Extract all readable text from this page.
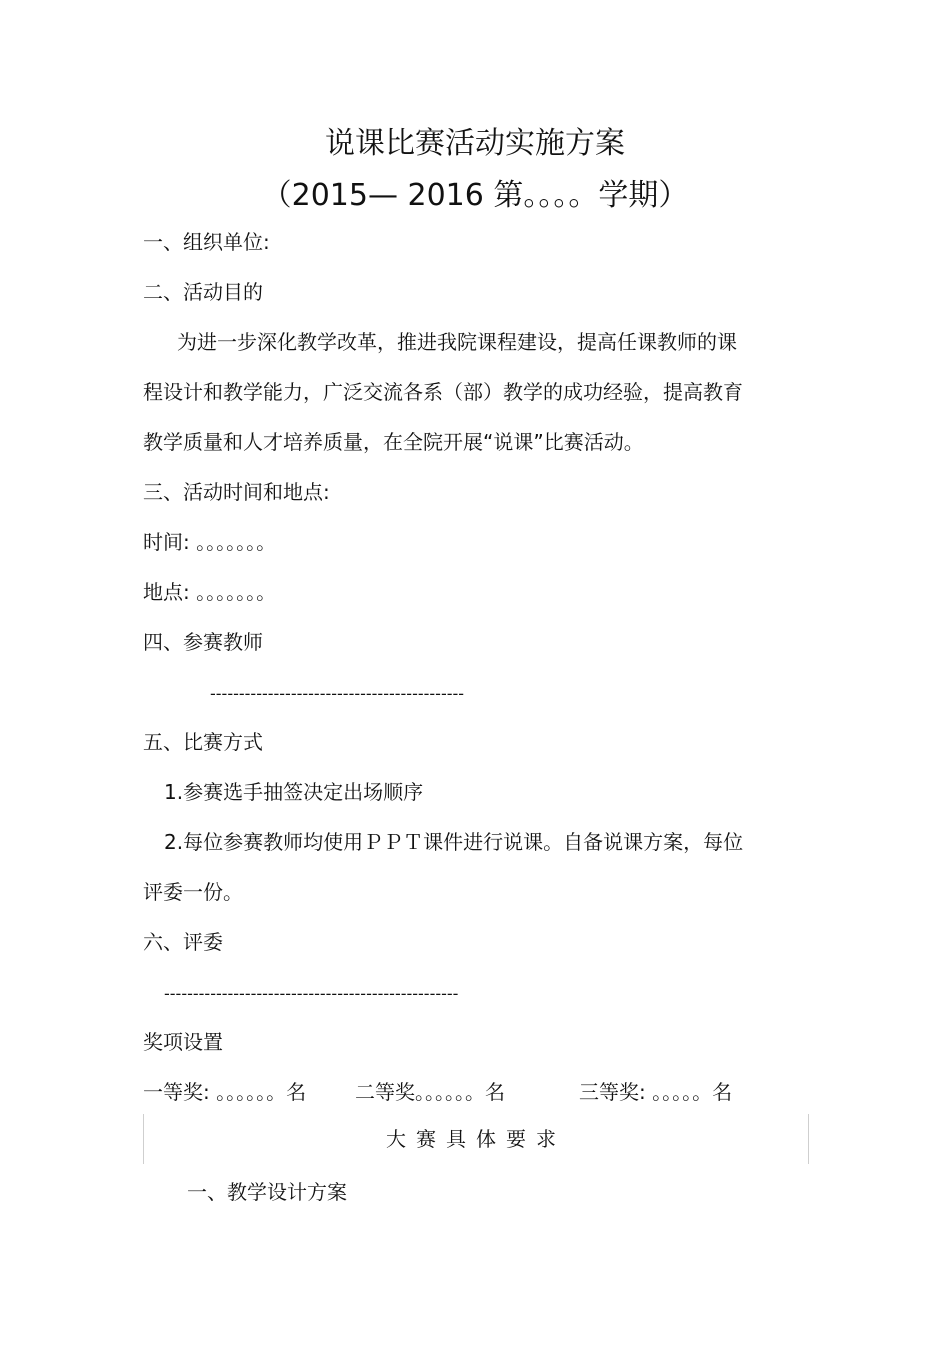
说课比赛活动实施方案
（2015— 2016 第。。。。学期）
一、组织单位:
二、活动目的
为进一步深化教学改革，推进我院课程建设，提高任课教师的课
程设计和教学能力，广泛交流各系（部）教学的成功经验，提高教育
教学质量和人才培养质量，在全院开展“说课”比赛活动。
三、活动时间和地点:
时间: 。。。。。。。
地点: 。。。。。。。
四、参赛教师
--------------------------------------------
五、比赛方式
1.参赛选手抽签决定出场顺序
2.每位参赛教师均使用ＰＰＴ课件进行说课。自备说课方案，每位
评委一份。
六、评委
---------------------------------------------------
奖项设置
一等奖: 。。。。。。名 二等奖。。。。。。名	三等奖: 。。。。。名
大赛具体要求
一、教学设计方案
